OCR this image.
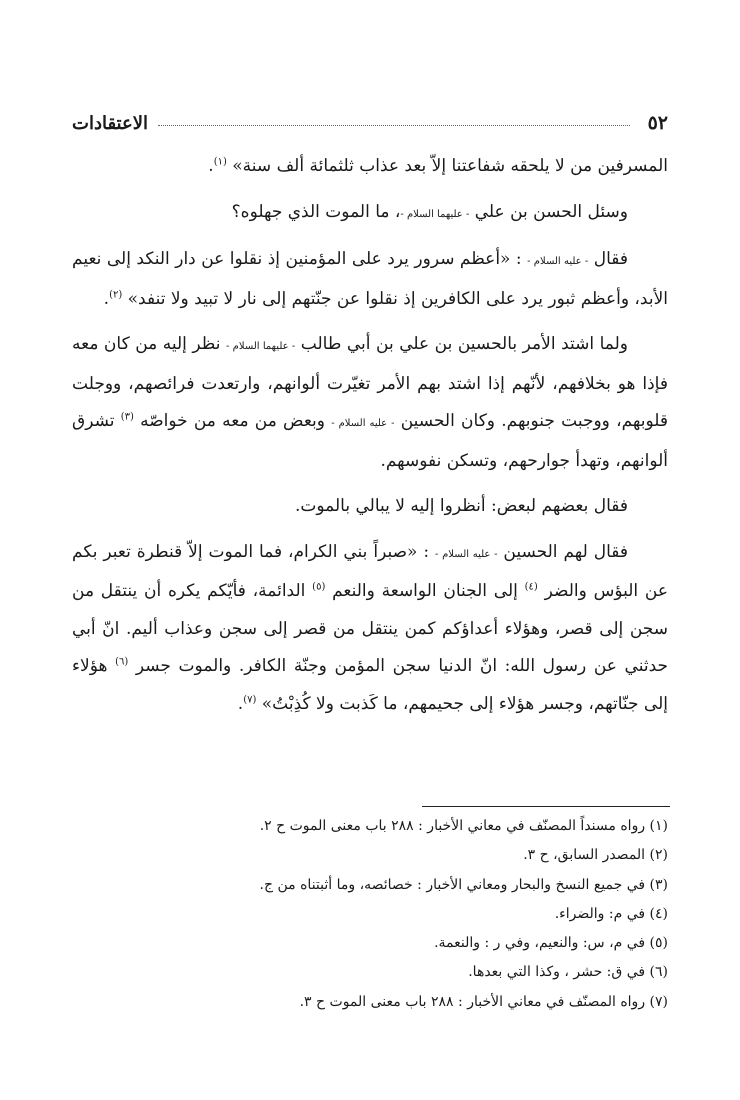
٥٢
الاعتقادات

المسرفين من لا يلحقه شفاعتنا إلاّ بعد عذاب ثلثمائة ألف سنة» $^{(١)}$.

وسئل الحسن بن علي - عليهما السلام -، ما الموت الذي جهلوه؟

فقال - عليه السلام - : «أعظم سرور يرد على المؤمنين إذ نقلوا عن دار النكد إلى نعيم الأبد، وأعظم ثبور يرد على الكافرين إذ نقلوا عن جنّتهم إلى نار لا تبيد ولا تنفد» $^{(٢)}$.

ولما اشتد الأمر بالحسين بن علي بن أبي طالب - عليهما السلام - نظر إليه من كان معه فإذا هو بخلافهم، لأنّهم إذا اشتد بهم الأمر تغيّرت ألوانهم، وارتعدت فرائصهم، ووجلت قلوبهم، ووجبت جنوبهم. وكان الحسين - عليه السلام - وبعض من معه من خواصّه $^{(٣)}$ تشرق ألوانهم، وتهدأ جوارحهم، وتسكن نفوسهم.

فقال بعضهم لبعض: أنظروا إليه لا يبالي بالموت.

فقال لهم الحسين - عليه السلام - : «صبراً بني الكرام، فما الموت إلاّ قنطرة تعبر بكم عن البؤس والضر $^{(٤)}$ إلى الجنان الواسعة والنعم $^{(٥)}$ الدائمة، فأيّكم يكره أن ينتقل من سجن إلى قصر، وهؤلاء أعداؤكم كمن ينتقل من قصر إلى سجن وعذاب أليم. انّ أبي حدثني عن رسول الله: انّ الدنيا سجن المؤمن وجنّة الكافر. والموت جسر $^{(٦)}$ هؤلاء إلى جنّاتهم، وجسر هؤلاء إلى جحيمهم، ما كَذبت ولا كُذِبْتُ» $^{(٧)}$.

(١) رواه مسنداً المصنّف في معاني الأخبار : ٢٨٨ باب معنى الموت ح ٢.

(٢) المصدر السابق، ح ٣.

(٣) في جميع النسخ والبحار ومعاني الأخبار : خصائصه، وما أثبتناه من ج.

(٤) في م: والضراء.

(٥) في م، س: والنعيم، وفي ر : والنعمة.

(٦) في ق: حشر ، وكذا التي بعدها.

(٧) رواه المصنّف في معاني الأخبار : ٢٨٨ باب معنى الموت ح ٣.
